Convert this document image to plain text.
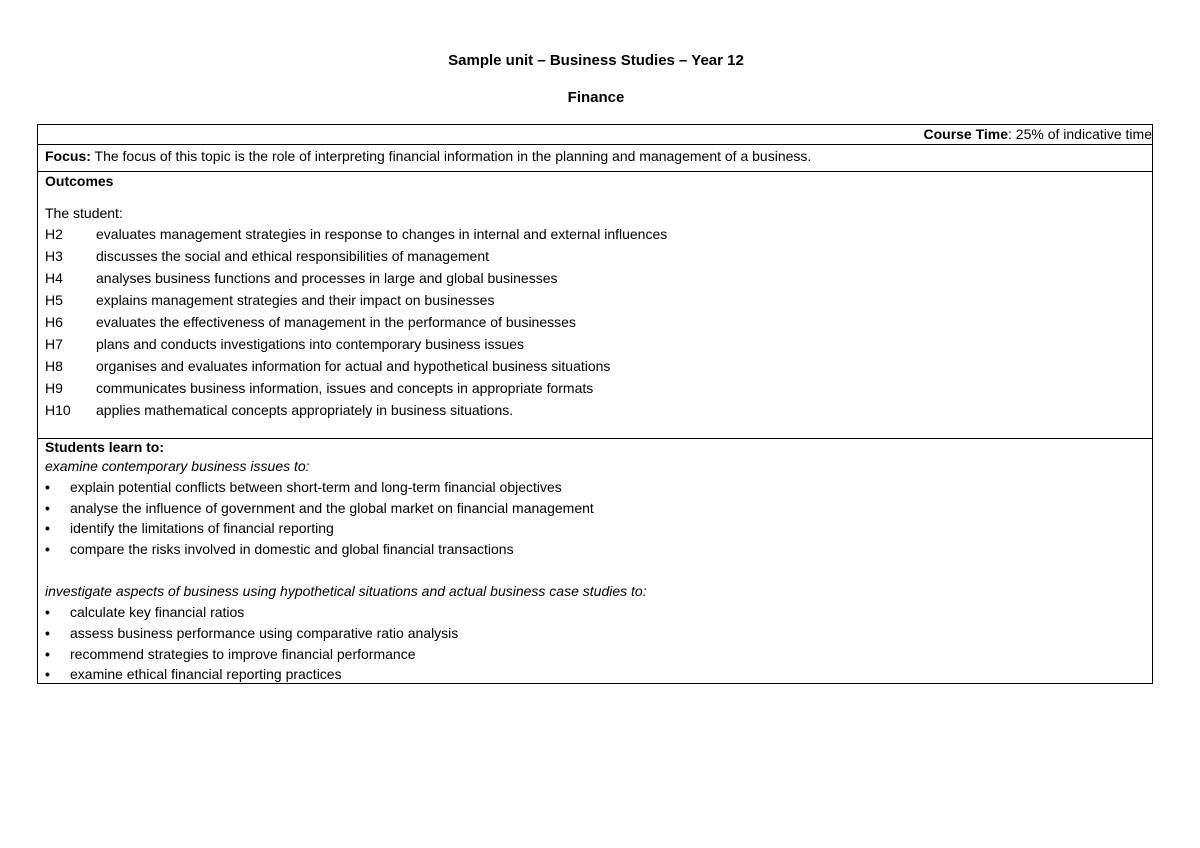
Sample unit – Business Studies – Year 12
Finance
Course Time: 25% of indicative time
Focus: The focus of this topic is the role of interpreting financial information in the planning and management of a business.
Outcomes
The student:
H2 evaluates management strategies in response to changes in internal and external influences
H3 discusses the social and ethical responsibilities of management
H4 analyses business functions and processes in large and global businesses
H5 explains management strategies and their impact on businesses
H6 evaluates the effectiveness of management in the performance of businesses
H7 plans and conducts investigations into contemporary business issues
H8 organises and evaluates information for actual and hypothetical business situations
H9 communicates business information, issues and concepts in appropriate formats
H10 applies mathematical concepts appropriately in business situations.
Students learn to:
examine contemporary business issues to:
• explain potential conflicts between short-term and long-term financial objectives
• analyse the influence of government and the global market on financial management
• identify the limitations of financial reporting
• compare the risks involved in domestic and global financial transactions
investigate aspects of business using hypothetical situations and actual business case studies to:
• calculate key financial ratios
• assess business performance using comparative ratio analysis
• recommend strategies to improve financial performance
• examine ethical financial reporting practices
